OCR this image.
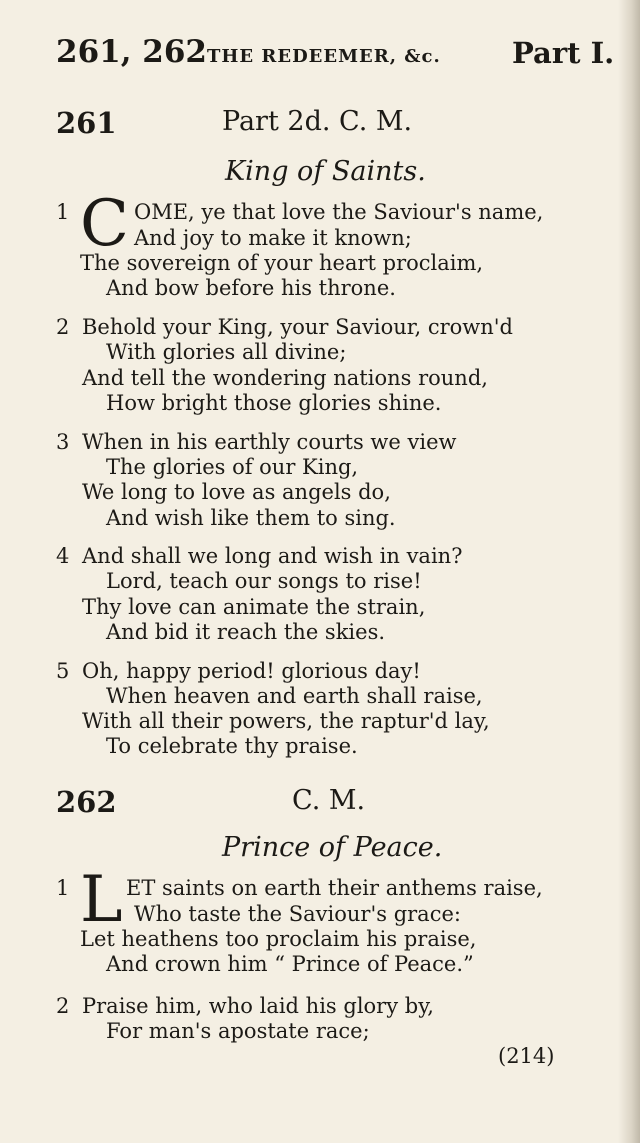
261, 262 THE REDEEMER, &c. Part I.
261	Part 2d. C. M.
King of Saints.
1 C OME, ye that love the Saviour's name,
And joy to make it known;
The sovereign of your heart proclaim,
And bow before his throne.
2 Behold your King, your Saviour, crown'd
With glories all divine;
And tell the wondering nations round,
How bright those glories shine.
3 When in his earthly courts we view
The glories of our King,
We long to love as angels do,
And wish like them to sing.
4 And shall we long and wish in vain?
Lord, teach our songs to rise!
Thy love can animate the strain,
And bid it reach the skies.
5 Oh, happy period! glorious day!
When heaven and earth shall raise,
With all their powers, the raptur'd lay,
To celebrate thy praise.
262	C. M.
Prince of Peace.
1 L ET saints on earth their anthems raise,
Who taste the Saviour's grace:
Let heathens too proclaim his praise,
And crown him “ Prince of Peace.”
2 Praise him, who laid his glory by,
For man's apostate race;
(214)
